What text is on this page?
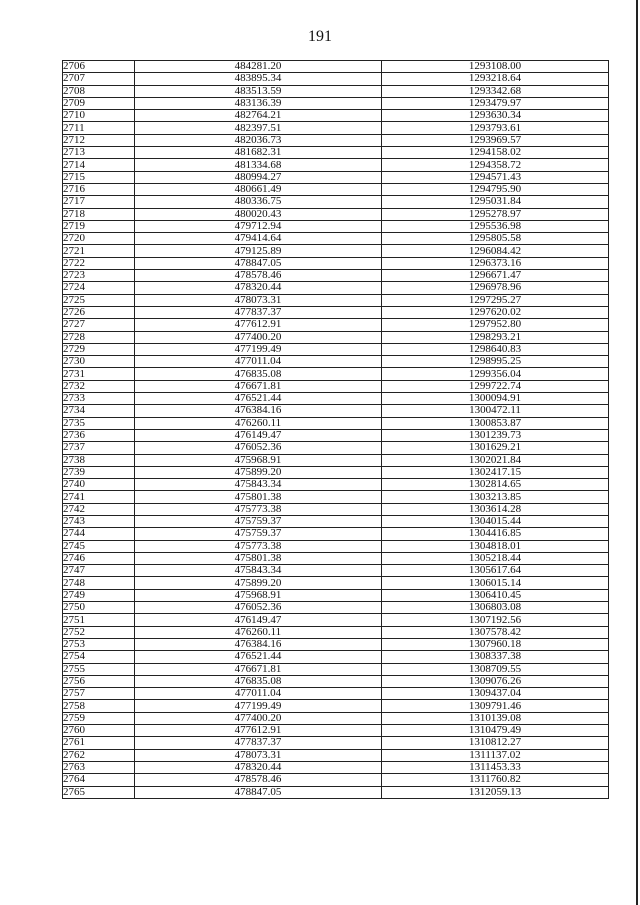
191
2706	484281.20	1293108.00
2707	483895.34	1293218.64
2708	483513.59	1293342.68
2709	483136.39	1293479.97
2710	482764.21	1293630.34
2711	482397.51	1293793.61
2712	482036.73	1293969.57
2713	481682.31	1294158.02
2714	481334.68	1294358.72
2715	480994.27	1294571.43
2716	480661.49	1294795.90
2717	480336.75	1295031.84
2718	480020.43	1295278.97
2719	479712.94	1295536.98
2720	479414.64	1295805.58
2721	479125.89	1296084.42
2722	478847.05	1296373.16
2723	478578.46	1296671.47
2724	478320.44	1296978.96
2725	478073.31	1297295.27
2726	477837.37	1297620.02
2727	477612.91	1297952.80
2728	477400.20	1298293.21
2729	477199.49	1298640.83
2730	477011.04	1298995.25
2731	476835.08	1299356.04
2732	476671.81	1299722.74
2733	476521.44	1300094.91
2734	476384.16	1300472.11
2735	476260.11	1300853.87
2736	476149.47	1301239.73
2737	476052.36	1301629.21
2738	475968.91	1302021.84
2739	475899.20	1302417.15
2740	475843.34	1302814.65
2741	475801.38	1303213.85
2742	475773.38	1303614.28
2743	475759.37	1304015.44
2744	475759.37	1304416.85
2745	475773.38	1304818.01
2746	475801.38	1305218.44
2747	475843.34	1305617.64
2748	475899.20	1306015.14
2749	475968.91	1306410.45
2750	476052.36	1306803.08
2751	476149.47	1307192.56
2752	476260.11	1307578.42
2753	476384.16	1307960.18
2754	476521.44	1308337.38
2755	476671.81	1308709.55
2756	476835.08	1309076.26
2757	477011.04	1309437.04
2758	477199.49	1309791.46
2759	477400.20	1310139.08
2760	477612.91	1310479.49
2761	477837.37	1310812.27
2762	478073.31	1311137.02
2763	478320.44	1311453.33
2764	478578.46	1311760.82
2765	478847.05	1312059.13
